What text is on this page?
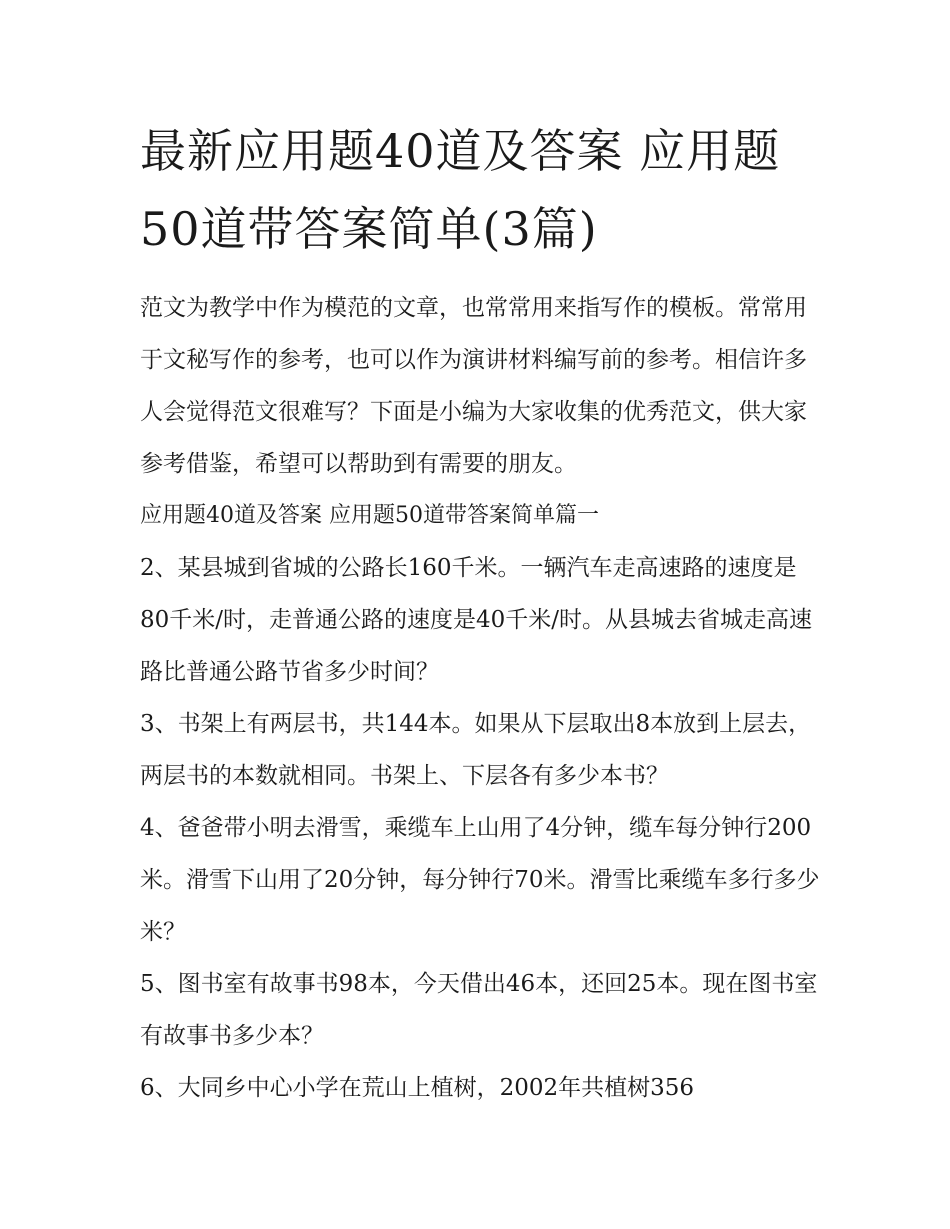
最新应用题40道及答案 应用题50道带答案简单(3篇)

范文为教学中作为模范的文章，也常常用来指写作的模板。常常用于文秘写作的参考，也可以作为演讲材料编写前的参考。相信许多人会觉得范文很难写？下面是小编为大家收集的优秀范文，供大家参考借鉴，希望可以帮助到有需要的朋友。

应用题40道及答案 应用题50道带答案简单篇一

2、某县城到省城的公路长160千米。一辆汽车走高速路的速度是80千米/时，走普通公路的速度是40千米/时。从县城去省城走高速路比普通公路节省多少时间？

3、书架上有两层书，共144本。如果从下层取出8本放到上层去，两层书的本数就相同。书架上、下层各有多少本书？

4、爸爸带小明去滑雪，乘缆车上山用了4分钟，缆车每分钟行200米。滑雪下山用了20分钟，每分钟行70米。滑雪比乘缆车多行多少米？

5、图书室有故事书98本，今天借出46本，还回25本。现在图书室有故事书多少本？

6、大同乡中心小学在荒山上植树，2002年共植树356
